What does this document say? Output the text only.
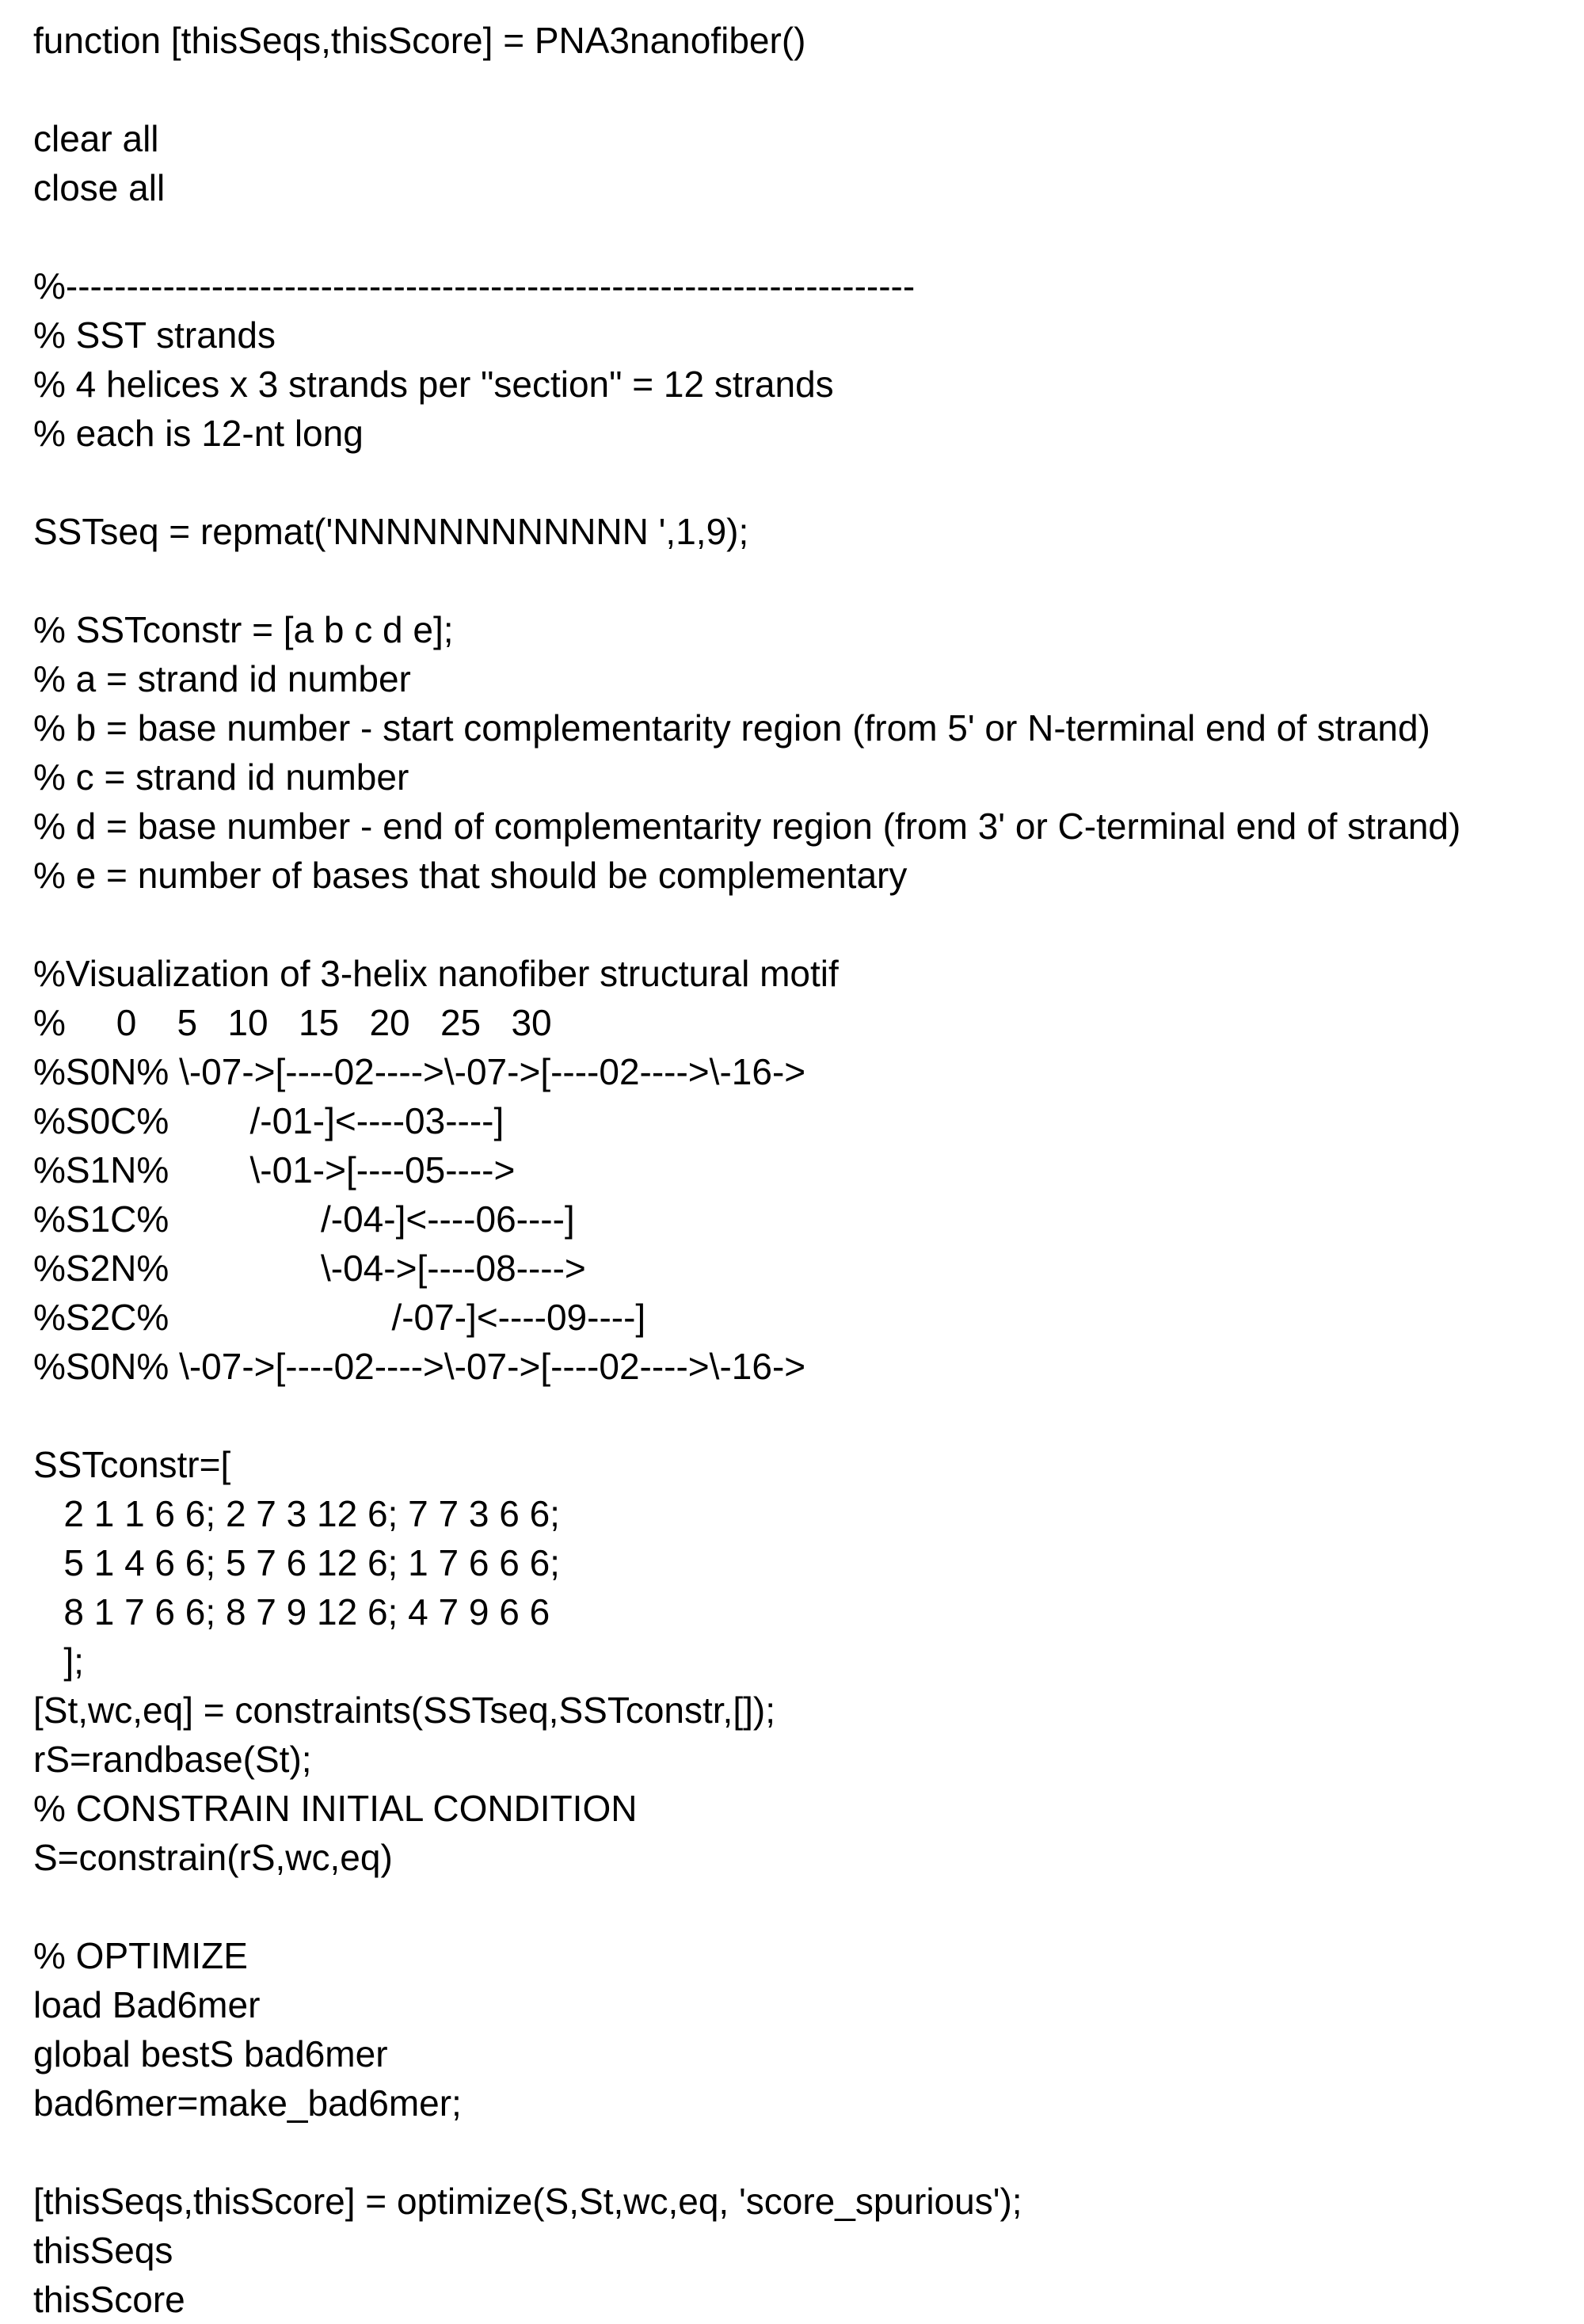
function [thisSeqs,thisScore] = PNA3nanofiber()
clear all
close all
%----------------------------------------------------------------------
% SST strands
% 4 helices x 3 strands per "section" = 12 strands
% each is 12-nt long
SSTseq = repmat('NNNNNNNNNNNN ',1,9);
% SSTconstr = [a b c d e];
% a = strand id number
% b = base number - start complementarity region (from 5' or N-terminal end of strand)
% c = strand id number
% d = base number - end of complementarity region (from 3' or C-terminal end of strand)
% e = number of bases that should be complementary
%Visualization of 3-helix nanofiber structural motif
%     0    5   10   15   20   25   30
%S0N% \-07->[----02---->\-07->[----02---->\-16->
%S0C%        /-01-]<----03----]
%S1N%        \-01->[----05---->
%S1C%               /-04-]<----06----]
%S2N%               \-04->[----08---->
%S2C%                      /-07-]<----09----]
%S0N% \-07->[----02---->\-07->[----02---->\-16->
SSTconstr=[
2 1 1 6 6; 2 7 3 12 6; 7 7 3 6 6;
5 1 4 6 6; 5 7 6 12 6; 1 7 6 6 6;
8 1 7 6 6; 8 7 9 12 6; 4 7 9 6 6
];
[St,wc,eq] = constraints(SSTseq,SSTconstr,[]);
rS=randbase(St);
% CONSTRAIN INITIAL CONDITION
S=constrain(rS,wc,eq)
% OPTIMIZE
load Bad6mer
global bestS bad6mer
bad6mer=make_bad6mer;
[thisSeqs,thisScore] = optimize(S,St,wc,eq, 'score_spurious');
thisSeqs
thisScore
